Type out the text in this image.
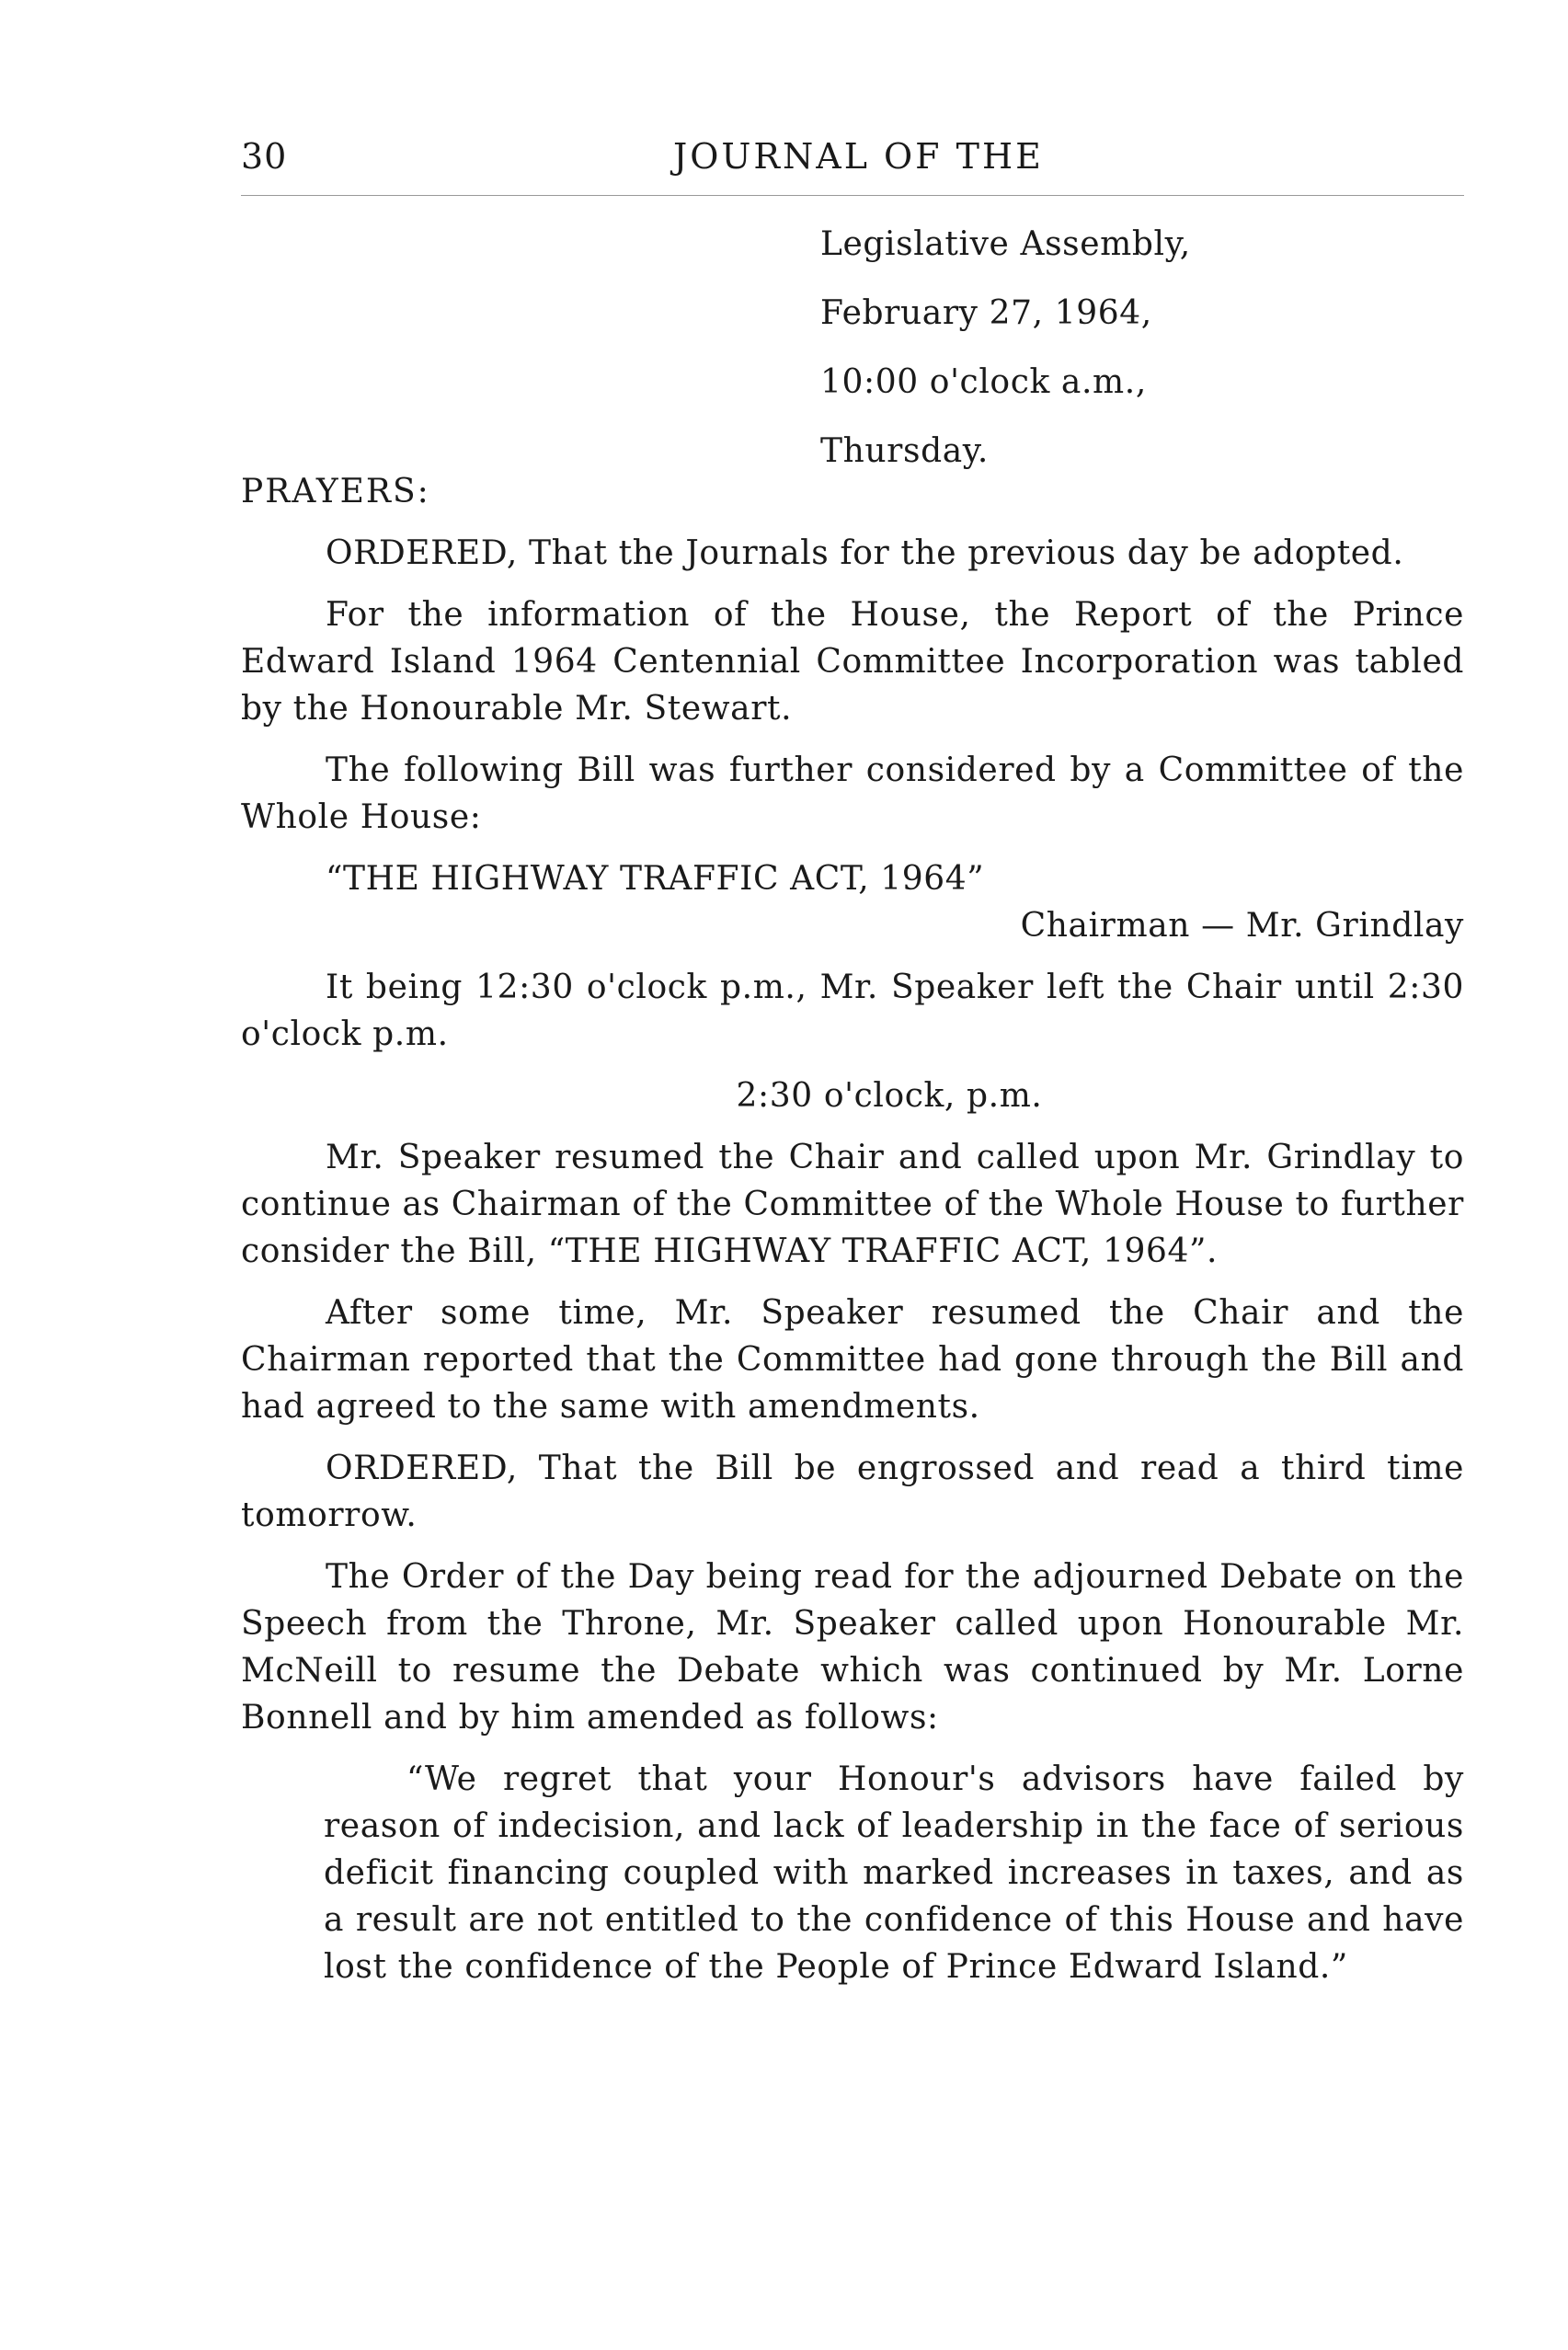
30	JOURNAL OF THE
Legislative Assembly,
February 27, 1964,
10:00 o'clock a.m.,
Thursday.
PRAYERS:

ORDERED, That the Journals for the previous day be adopted.

For the information of the House, the Report of the Prince Edward Island 1964 Centennial Committee Incorporation was tabled by the Honourable Mr. Stewart.

The following Bill was further considered by a Committee of the Whole House:

“THE HIGHWAY TRAFFIC ACT, 1964”
Chairman — Mr. Grindlay

It being 12:30 o'clock p.m., Mr. Speaker left the Chair until 2:30 o'clock p.m.

2:30 o'clock, p.m.

Mr. Speaker resumed the Chair and called upon Mr. Grindlay to continue as Chairman of the Committee of the Whole House to further consider the Bill, “THE HIGHWAY TRAFFIC ACT, 1964”.

After some time, Mr. Speaker resumed the Chair and the Chairman reported that the Committee had gone through the Bill and had agreed to the same with amendments.

ORDERED, That the Bill be engrossed and read a third time tomorrow.

The Order of the Day being read for the adjourned Debate on the Speech from the Throne, Mr. Speaker called upon Honourable Mr. McNeill to resume the Debate which was continued by Mr. Lorne Bonnell and by him amended as follows:

“We regret that your Honour's advisors have failed by reason of indecision, and lack of leadership in the face of serious deficit financing coupled with marked increases in taxes, and as a result are not entitled to the confidence of this House and have lost the confidence of the People of Prince Edward Island.”
